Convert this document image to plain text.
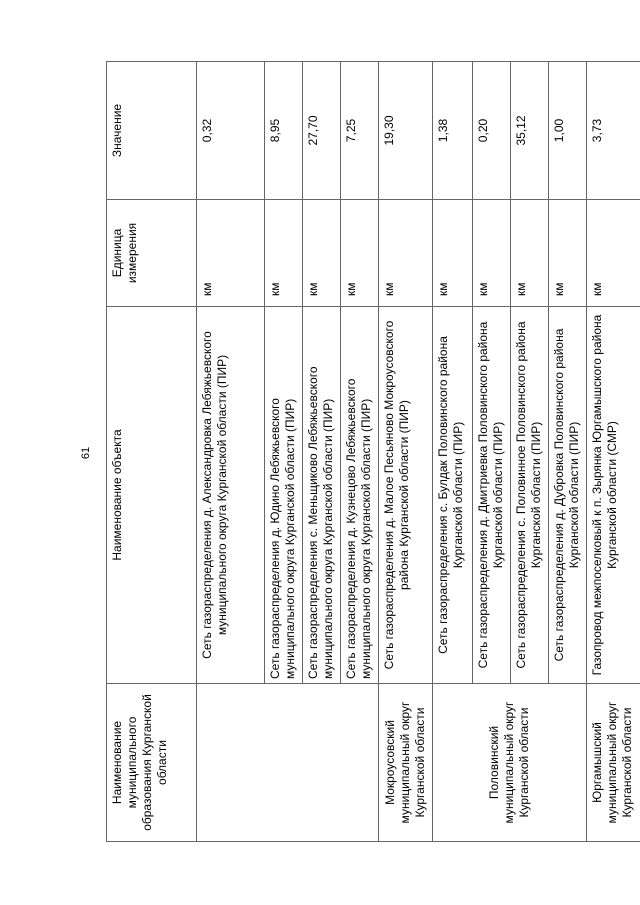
61
Наименование муниципального образования Курганской области	Наименование объекта	Единица измерения	Значение
	Сеть газораспределения д. Александровка Лебяжьевского муниципального округа Курганской области (ПИР)	км	0,32
	Сеть газораспределения д. Юдино Лебяжьевского муниципального округа Курганской области (ПИР)	км	8,95
	Сеть газораспределения с. Меньщиково Лебяжьевского муниципального округа Курганской области (ПИР)	км	27,70
	Сеть газораспределения д. Кузнецово Лебяжьевского муниципального округа Курганской области (ПИР)	км	7,25
Мокроусовский муниципальный округ Курганской области	Сеть газораспределения д. Малое Песьяново Мокроусовского района Курганской области (ПИР)	км	19,30
Половинский муниципальный округ Курганской области	Сеть газораспределения с. Булдак Половинского района Курганской области (ПИР)	км	1,38
	Сеть газораспределения д. Дмитриевка Половинского района Курганской области (ПИР)	км	0,20
	Сеть газораспределения с. Половинное Половинского района Курганской области (ПИР)	км	35,12
	Сеть газораспределения д. Дубровка Половинского района Курганской области (ПИР)	км	1,00
Юргамышский муниципальный округ Курганской области	Газопровод межпоселковый к п. Зырянка Юргамышского района Курганской области (СМР)	км	3,73
